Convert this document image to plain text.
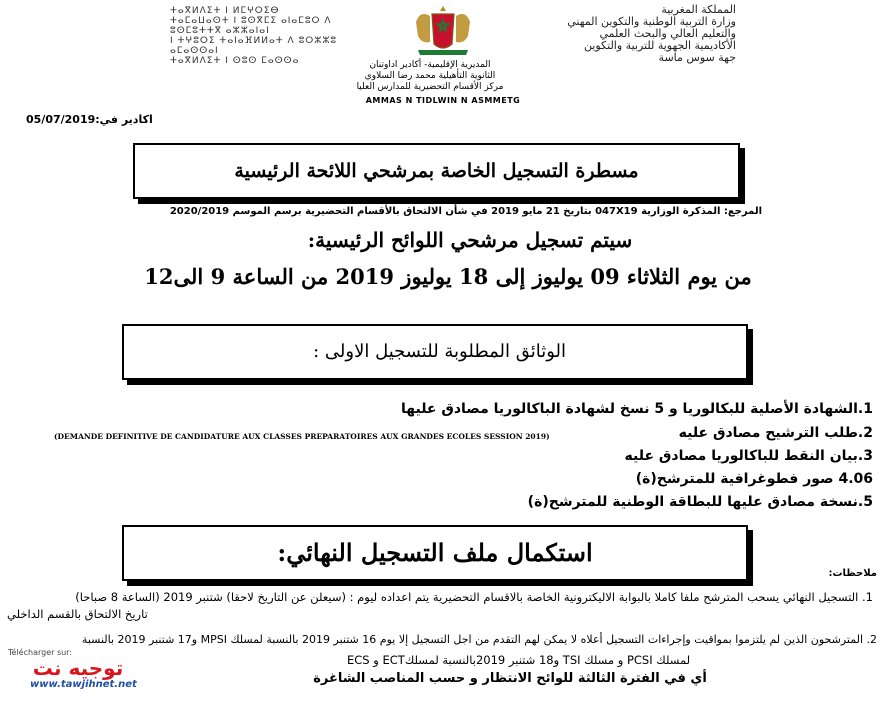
ⵜⴰⴳⵍⴷⵉⵜ ⵏ ⵍⵎⵖⵔⵉⴱ
ⵜⴰⵎⴰⵡⴰⵙⵜ ⵏ ⵓⵙⴳⵎⵉ ⴰⵏⴰⵎⵓⵔ ⴷ ⵓⵙⵎⵓⵜⵜⴳ ⴰⵣⵣⴰⵏⴰⵏ
ⵏ ⵜⵖⵓⵔⵉ ⵜⴰⵏⴰⴼⵍⵍⴰⵜ ⴷ ⵓⵔⵣⵣⵓ ⴰⵎⴰⵙⵙⴰⵏ
ⵜⴰⴳⵍⴷⵉⵜ ⵏ ⵙⵓⵙ ⵎⴰⵙⵙⴰ
المملكة المغربية
وزارة التربية الوطنية والتكوين المهني
والتعليم العالي والبحث العلمي
الأكاديمية الجهوية للتربية والتكوين
جهة سوس ماسة
المديرية الإقليمية- أكادير اداوتنان
الثانوية التأهيلية محمد رضا السلاوي
مركز الأقسام التحضيرية للمدارس العليا
AMMAS N TIDLWIN N ASMMETG
اكادير في:05/07/2019
مسطرة التسجيل الخاصة بمرشحي اللائحة الرئيسية
المرجع: المذكرة الوزارية 047X19 بتاريخ 21 مايو 2019 في شأن الالتحاق بالأقسام التحضيرية برسم الموسم 2020/2019
سيتم تسجيل مرشحي اللوائح الرئيسية:
من يوم الثلاثاء 09 يوليوز إلى 18 يوليوز 2019 من الساعة 9 الى12
الوثائق المطلوبة للتسجيل الاولى :
1.الشهادة الأصلية للبكالوريا و 5 نسخ لشهادة الباكالوريا مصادق عليها
2.طلب الترشيح مصادق عليه
(DEMANDE DEFINITIVE DE CANDIDATURE AUX CLASSES PREPARATOIRES AUX GRANDES ECOLES SESSION 2019)
3.بيان النقط للباكالوريا مصادق عليه
4.06 صور فطوغرافية للمترشح(ة)
5.نسخة مصادق عليها للبطاقة الوطنية للمترشح(ة)
استكمال ملف التسجيل النهائي:
ملاحظات:
1. التسجيل النهائي يسحب المترشح ملفا كاملا بالبوابة الاليكترونية الخاصة بالاقسام التحضيرية يتم اعداده ليوم : (سيعلن عن التاريخ لاحقا) شتنبر 2019 (الساعة 8 صباحا)
تاريخ الالتحاق بالقسم الداخلي
2. المترشحون الذين لم يلتزموا بمواقيت وإجراءات التسجيل أعلاه لا يمكن لهم التقدم من اجل التسجيل إلا يوم 16 شتنبر 2019 بالنسبة لمسلك MPSI و17 شتنبر 2019 بالنسبة
لمسلك PCSI و مسلك TSI و18 شتنبر 2019بالنسبة لمسلكECT و ECS
أي في الفترة الثالثة للوائح الانتظار و حسب المناصب الشاغرة
Télécharger sur:
توجيه نت
www.tawjihnet.net
